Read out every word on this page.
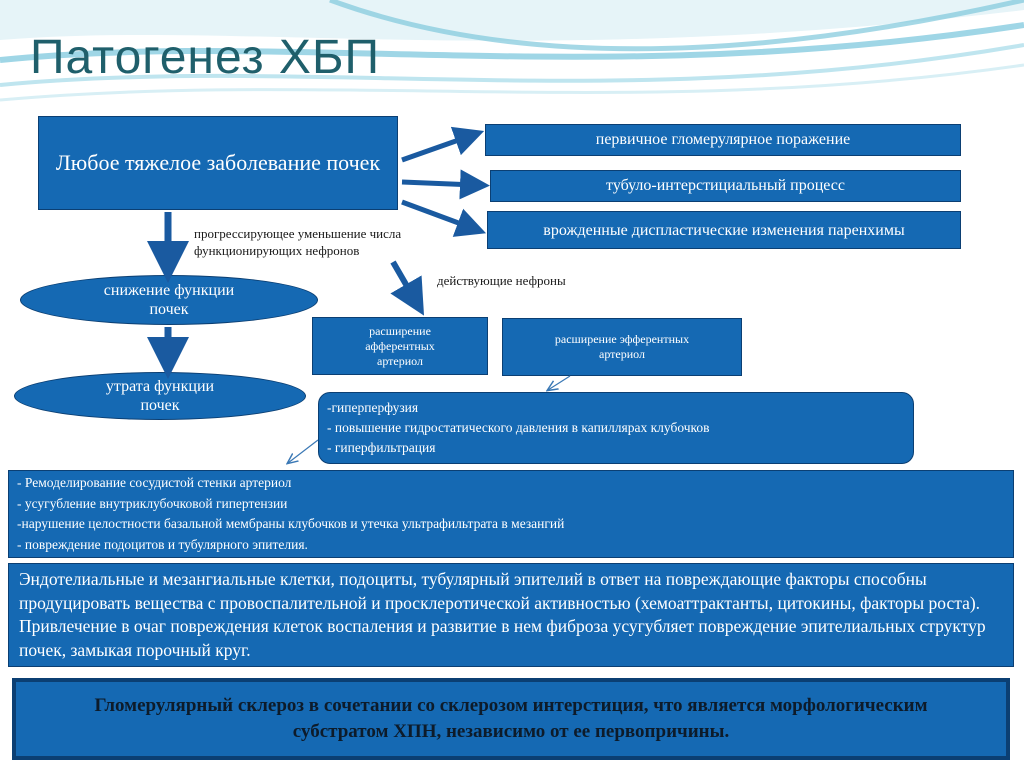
Патогенез ХБП
Любое тяжелое заболевание почек
первичное гломерулярное поражение
тубуло-интерстициальный процесс
врожденные диспластические изменения паренхимы
прогрессирующее уменьшение числа функционирующих нефронов
действующие нефроны
снижение функции почек
утрата функции почек
расширение афферентных артериол
расширение эфферентных артериол
-гиперперфузия
- повышение гидростатического давления в капиллярах клубочков
- гиперфильтрация
- Ремоделирование сосудистой стенки артериол
- усугубление внутриклубочковой гипертензии
-нарушение целостности базальной мембраны клубочков и утечка ультрафильтрата в мезангий
- повреждение подоцитов и тубулярного эпителия.
Эндотелиальные и мезангиальные клетки, подоциты, тубулярный эпителий в ответ на повреждающие факторы способны продуцировать вещества с провоспалительной и просклеротической активностью (хемоаттрактанты, цитокины, факторы роста). Привлечение в очаг повреждения клеток воспаления и развитие в нем фиброза усугубляет повреждение эпителиальных структур почек, замыкая порочный круг.
Гломерулярный склероз в сочетании со склерозом интерстиция, что является морфологическим субстратом ХПН, независимо от ее первопричины.
